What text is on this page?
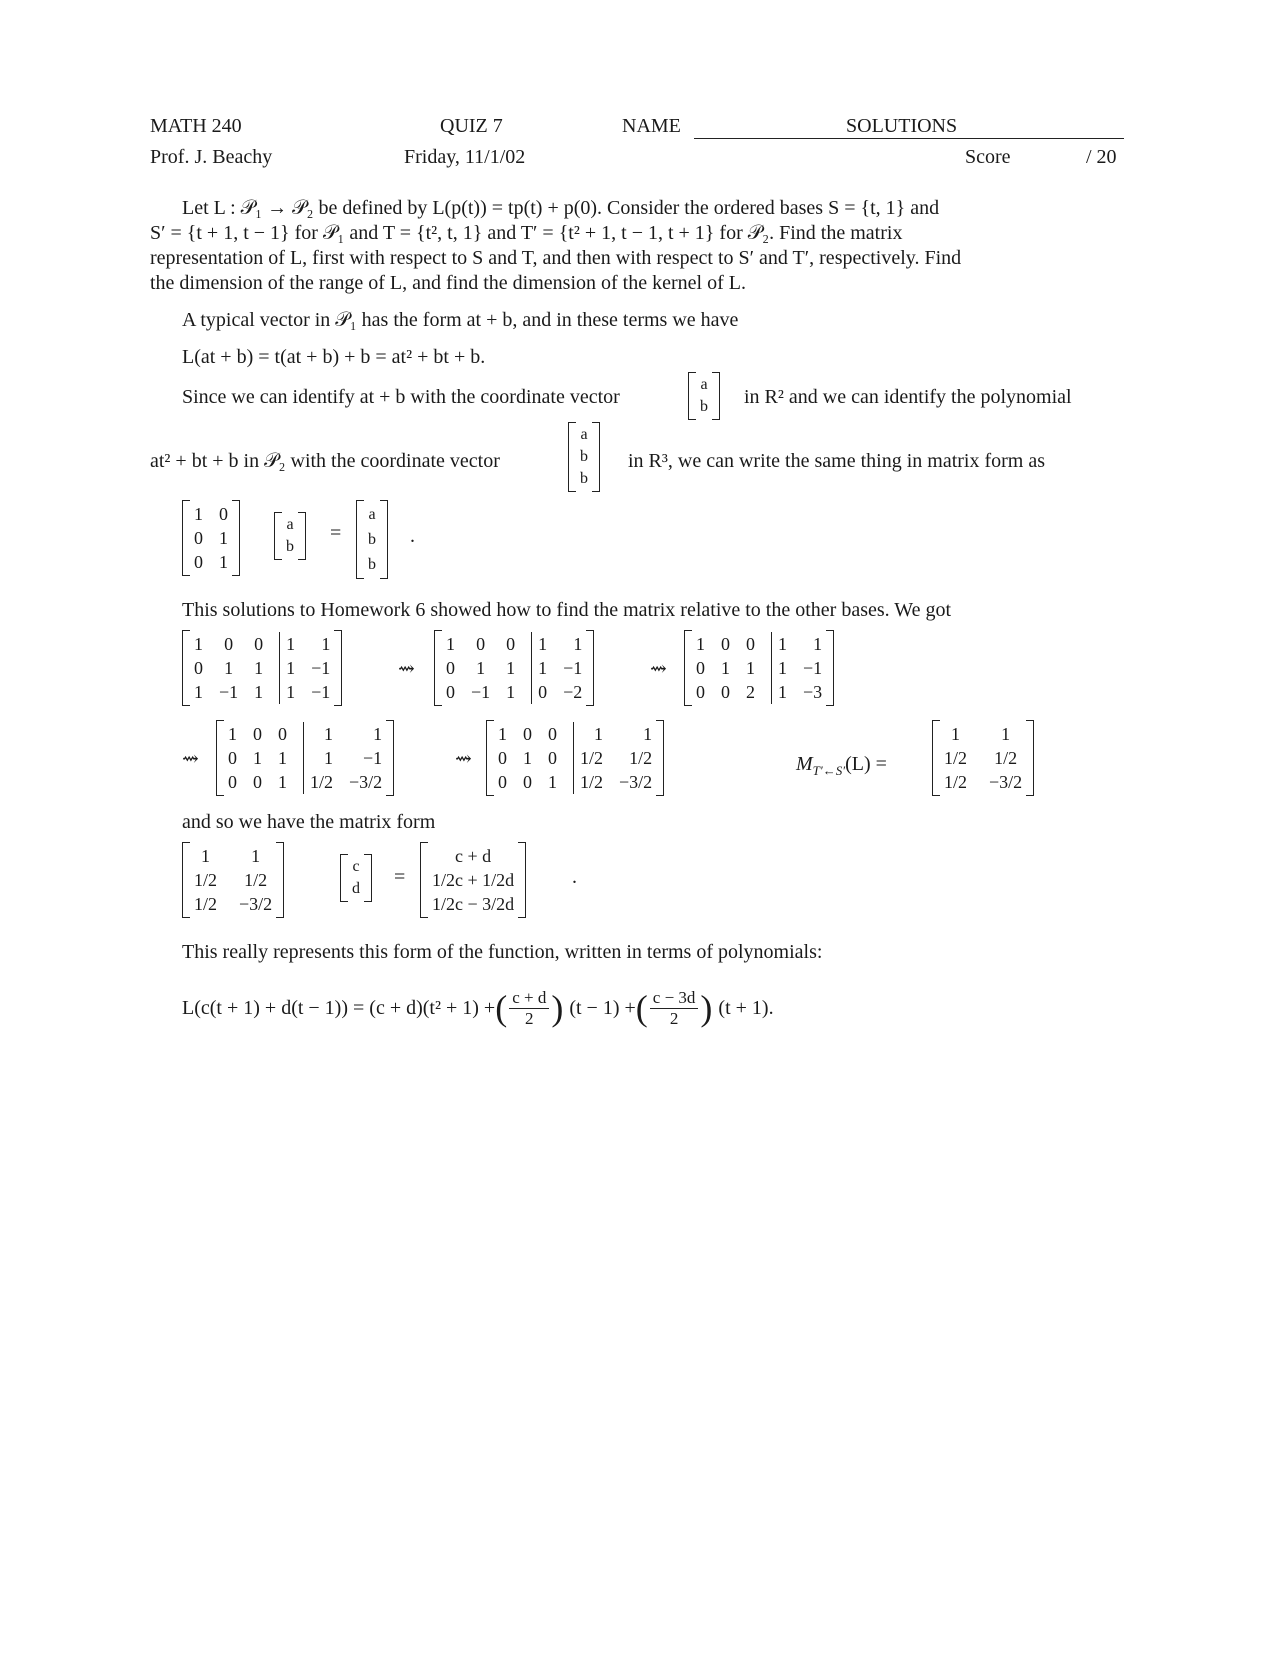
MATH 240
Prof. J. Beachy
QUIZ 7
Friday, 11/1/02
NAME	SOLUTIONS
Score	/ 20
Let L : 𝒫₁ → 𝒫₂ be defined by L(p(t)) = tp(t) + p(0). Consider the ordered bases S = {t, 1} and
S′ = {t + 1, t − 1} for 𝒫₁ and T = {t², t, 1} and T′ = {t² + 1, t − 1, t + 1} for 𝒫₂. Find the matrix
representation of L, first with respect to S and T, and then with respect to S′ and T′, respectively. Find
the dimension of the range of L, and find the dimension of the kernel of L.
A typical vector in 𝒫₁ has the form at + b, and in these terms we have
L(at + b) = t(at + b) + b = at² + bt + b.
Since we can identify at + b with the coordinate vector
a
b in R² and we can identify the polynomial
at² + bt + b in 𝒫₂ with the coordinate vector
a
b
b
in R³, we can write the same thing in matrix form as
1 0
0 1
0 1
a
b
=
a
b
b
.
This solutions to Homework 6 showed how to find the matrix relative to the other bases. We got
1 0 0	1	1
0 1 1	1 −1
1 −1 1	1 −1
⇝
1 0 0	1	1
0 1 1	1 −1
0 −1 1	0 −2
⇝
1 0 0	1	1
0 1 1	1 −1
0 0 2	1 −3
⇝
1 0 0	1	1
0 1 1	1	−1
0 0 1	1/2 −3/2
⇝
1 0 0	1	1
0 1 0	1/2	1/2
0 0 1	1/2 −3/2
$M_{T'\leftarrow S'}(L)$ =
1	1
1/2 1/2
1/2 −3/2
and so we have the matrix form
1	1
1/2 1/2
1/2 −3/2
c
d
=
c + d
1/2c + 1/2d
1/2c − 3/2d
.
This really represents this form of the function, written in terms of polynomials:
L(c(t + 1) + d(t − 1)) = (c + d)(t² + 1) + ( $\frac{c + d}{2}$ ) (t − 1) + ( $\frac{c - 3d}{2}$ ) (t + 1).
